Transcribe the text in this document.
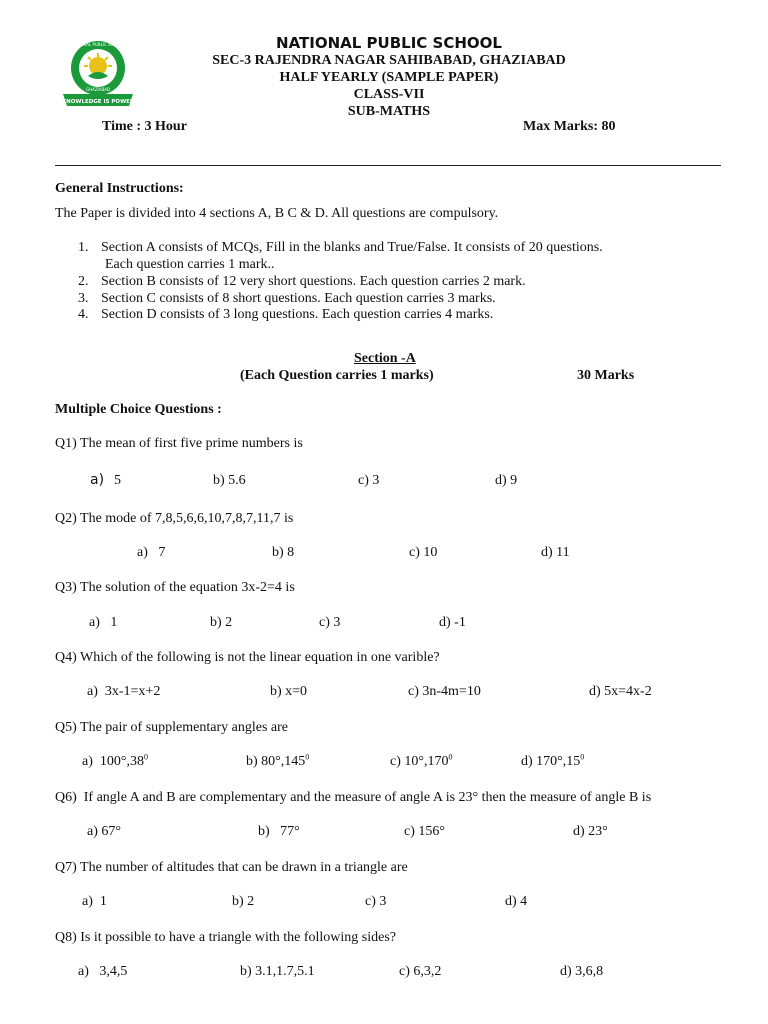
KNOWLEDGE IS POWER
NATIONAL PUBLIC SCHOOL
GHAZIABAD
NATIONAL PUBLIC SCHOOL
SEC-3 RAJENDRA NAGAR SAHIBABAD, GHAZIABAD
HALF YEARLY (SAMPLE PAPER)
CLASS-VII
SUB-MATHS
Time : 3 Hour	Max Marks: 80
General Instructions:
The Paper is divided into 4 sections A, B C & D. All questions are compulsory.
1. Section A consists of MCQs, Fill in the blanks and True/False. It consists of 20 questions.
Each question carries 1 mark..
2. Section B consists of 12 very short questions. Each question carries 2 mark.
3. Section C consists of 8 short questions. Each question carries 3 marks.
4. Section D consists of 3 long questions. Each question carries 4 marks.
Section -A
(Each Question carries 1 marks)	30 Marks
Multiple Choice Questions :
Q1) The mean of first five prime numbers is
a) 5	b) 5.6	c) 3	d) 9
Q2) The mode of 7,8,5,6,6,10,7,8,7,11,7 is
a)   7	b) 8	c) 10	d) 11
Q3) The solution of the equation 3x-2=4 is
a)   1	b) 2	c) 3	d) -1
Q4) Which of the following is not the linear equation in one varible?
a)  3x-1=x+2	b) x=0	c) 3n-4m=10	d) 5x=4x-2
Q5) The pair of supplementary angles are
a)  $100^\circ,38^0$	b) 80°,145$^0$	c) 10°,170$^0$	d) $170^\circ,15^0$
Q6)  If angle A and B are complementary and the measure of angle A is 23° then the measure of angle B is
a) 67°	b)   77°	c) 156°	d) 23°
Q7) The number of altitudes that can be drawn in a triangle are
a)  1	b) 2	c) 3	d) 4
Q8) Is it possible to have a triangle with the following sides?
a)   3,4,5	b) 3.1,1.7,5.1	c) 6,3,2	d) 3,6,8
